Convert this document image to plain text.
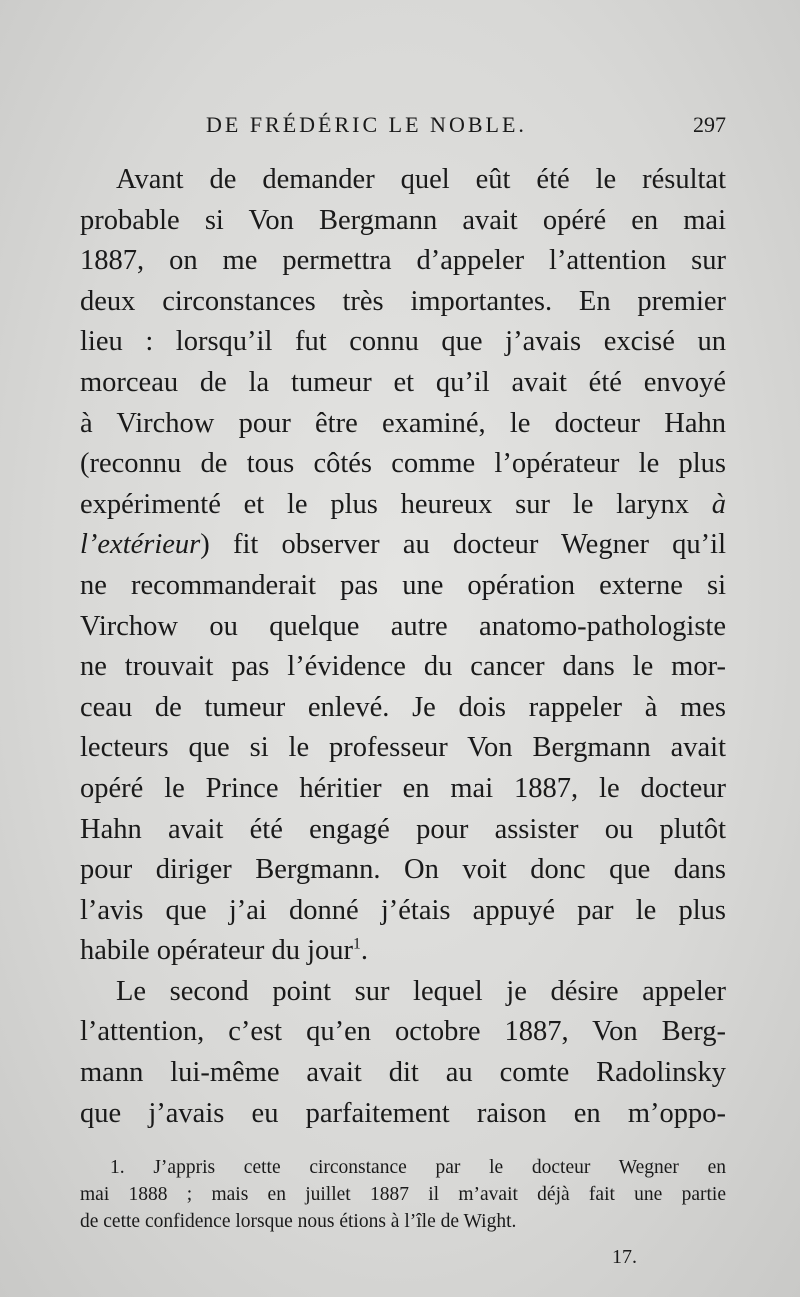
DE FRÉDÉRIC LE NOBLE.	297
Avant de demander quel eût été le résultat
probable si Von Bergmann avait opéré en mai
1887, on me permettra d’appeler l’attention sur
deux circonstances très importantes. En premier
lieu : lorsqu’il fut connu que j’avais excisé un
morceau de la tumeur et qu’il avait été envoyé
à Virchow pour être examiné, le docteur Hahn
(reconnu de tous côtés comme l’opérateur le plus
expérimenté et le plus heureux sur le larynx à
l’extérieur) fit observer au docteur Wegner qu’il
ne recommanderait pas une opération externe si
Virchow ou quelque autre anatomo-pathologiste
ne trouvait pas l’évidence du cancer dans le mor-
ceau de tumeur enlevé. Je dois rappeler à mes
lecteurs que si le professeur Von Bergmann avait
opéré le Prince héritier en mai 1887, le docteur
Hahn avait été engagé pour assister ou plutôt
pour diriger Bergmann. On voit donc que dans
l’avis que j’ai donné j’étais appuyé par le plus
habile opérateur du jour$^1$.
Le second point sur lequel je désire appeler
l’attention, c’est qu’en octobre 1887, Von Berg-
mann lui-même avait dit au comte Radolinsky
que j’avais eu parfaitement raison en m’oppo-
1. J’appris cette circonstance par le docteur Wegner en
mai 1888 ; mais en juillet 1887 il m’avait déjà fait une partie
de cette confidence lorsque nous étions à l’île de Wight.
17.
